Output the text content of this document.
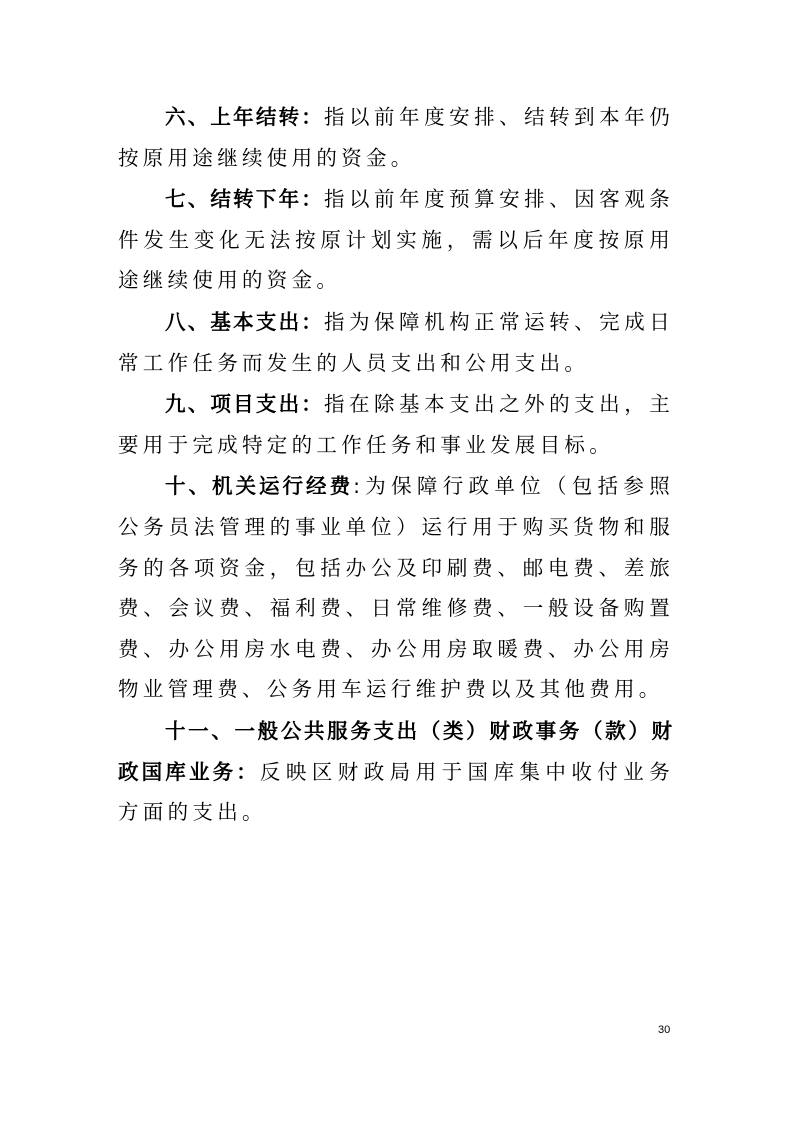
六、上年结转：指以前年度安排、结转到本年仍按原用途继续使用的资金。

七、结转下年：指以前年度预算安排、因客观条件发生变化无法按原计划实施，需以后年度按原用途继续使用的资金。

八、基本支出：指为保障机构正常运转、完成日常工作任务而发生的人员支出和公用支出。

九、项目支出：指在除基本支出之外的支出，主要用于完成特定的工作任务和事业发展目标。

十、机关运行经费:为保障行政单位（包括参照公务员法管理的事业单位）运行用于购买货物和服务的各项资金，包括办公及印刷费、邮电费、差旅费、会议费、福利费、日常维修费、一般设备购置费、办公用房水电费、办公用房取暖费、办公用房物业管理费、公务用车运行维护费以及其他费用。

十一、一般公共服务支出（类）财政事务（款）财政国库业务：反映区财政局用于国库集中收付业务方面的支出。

30
